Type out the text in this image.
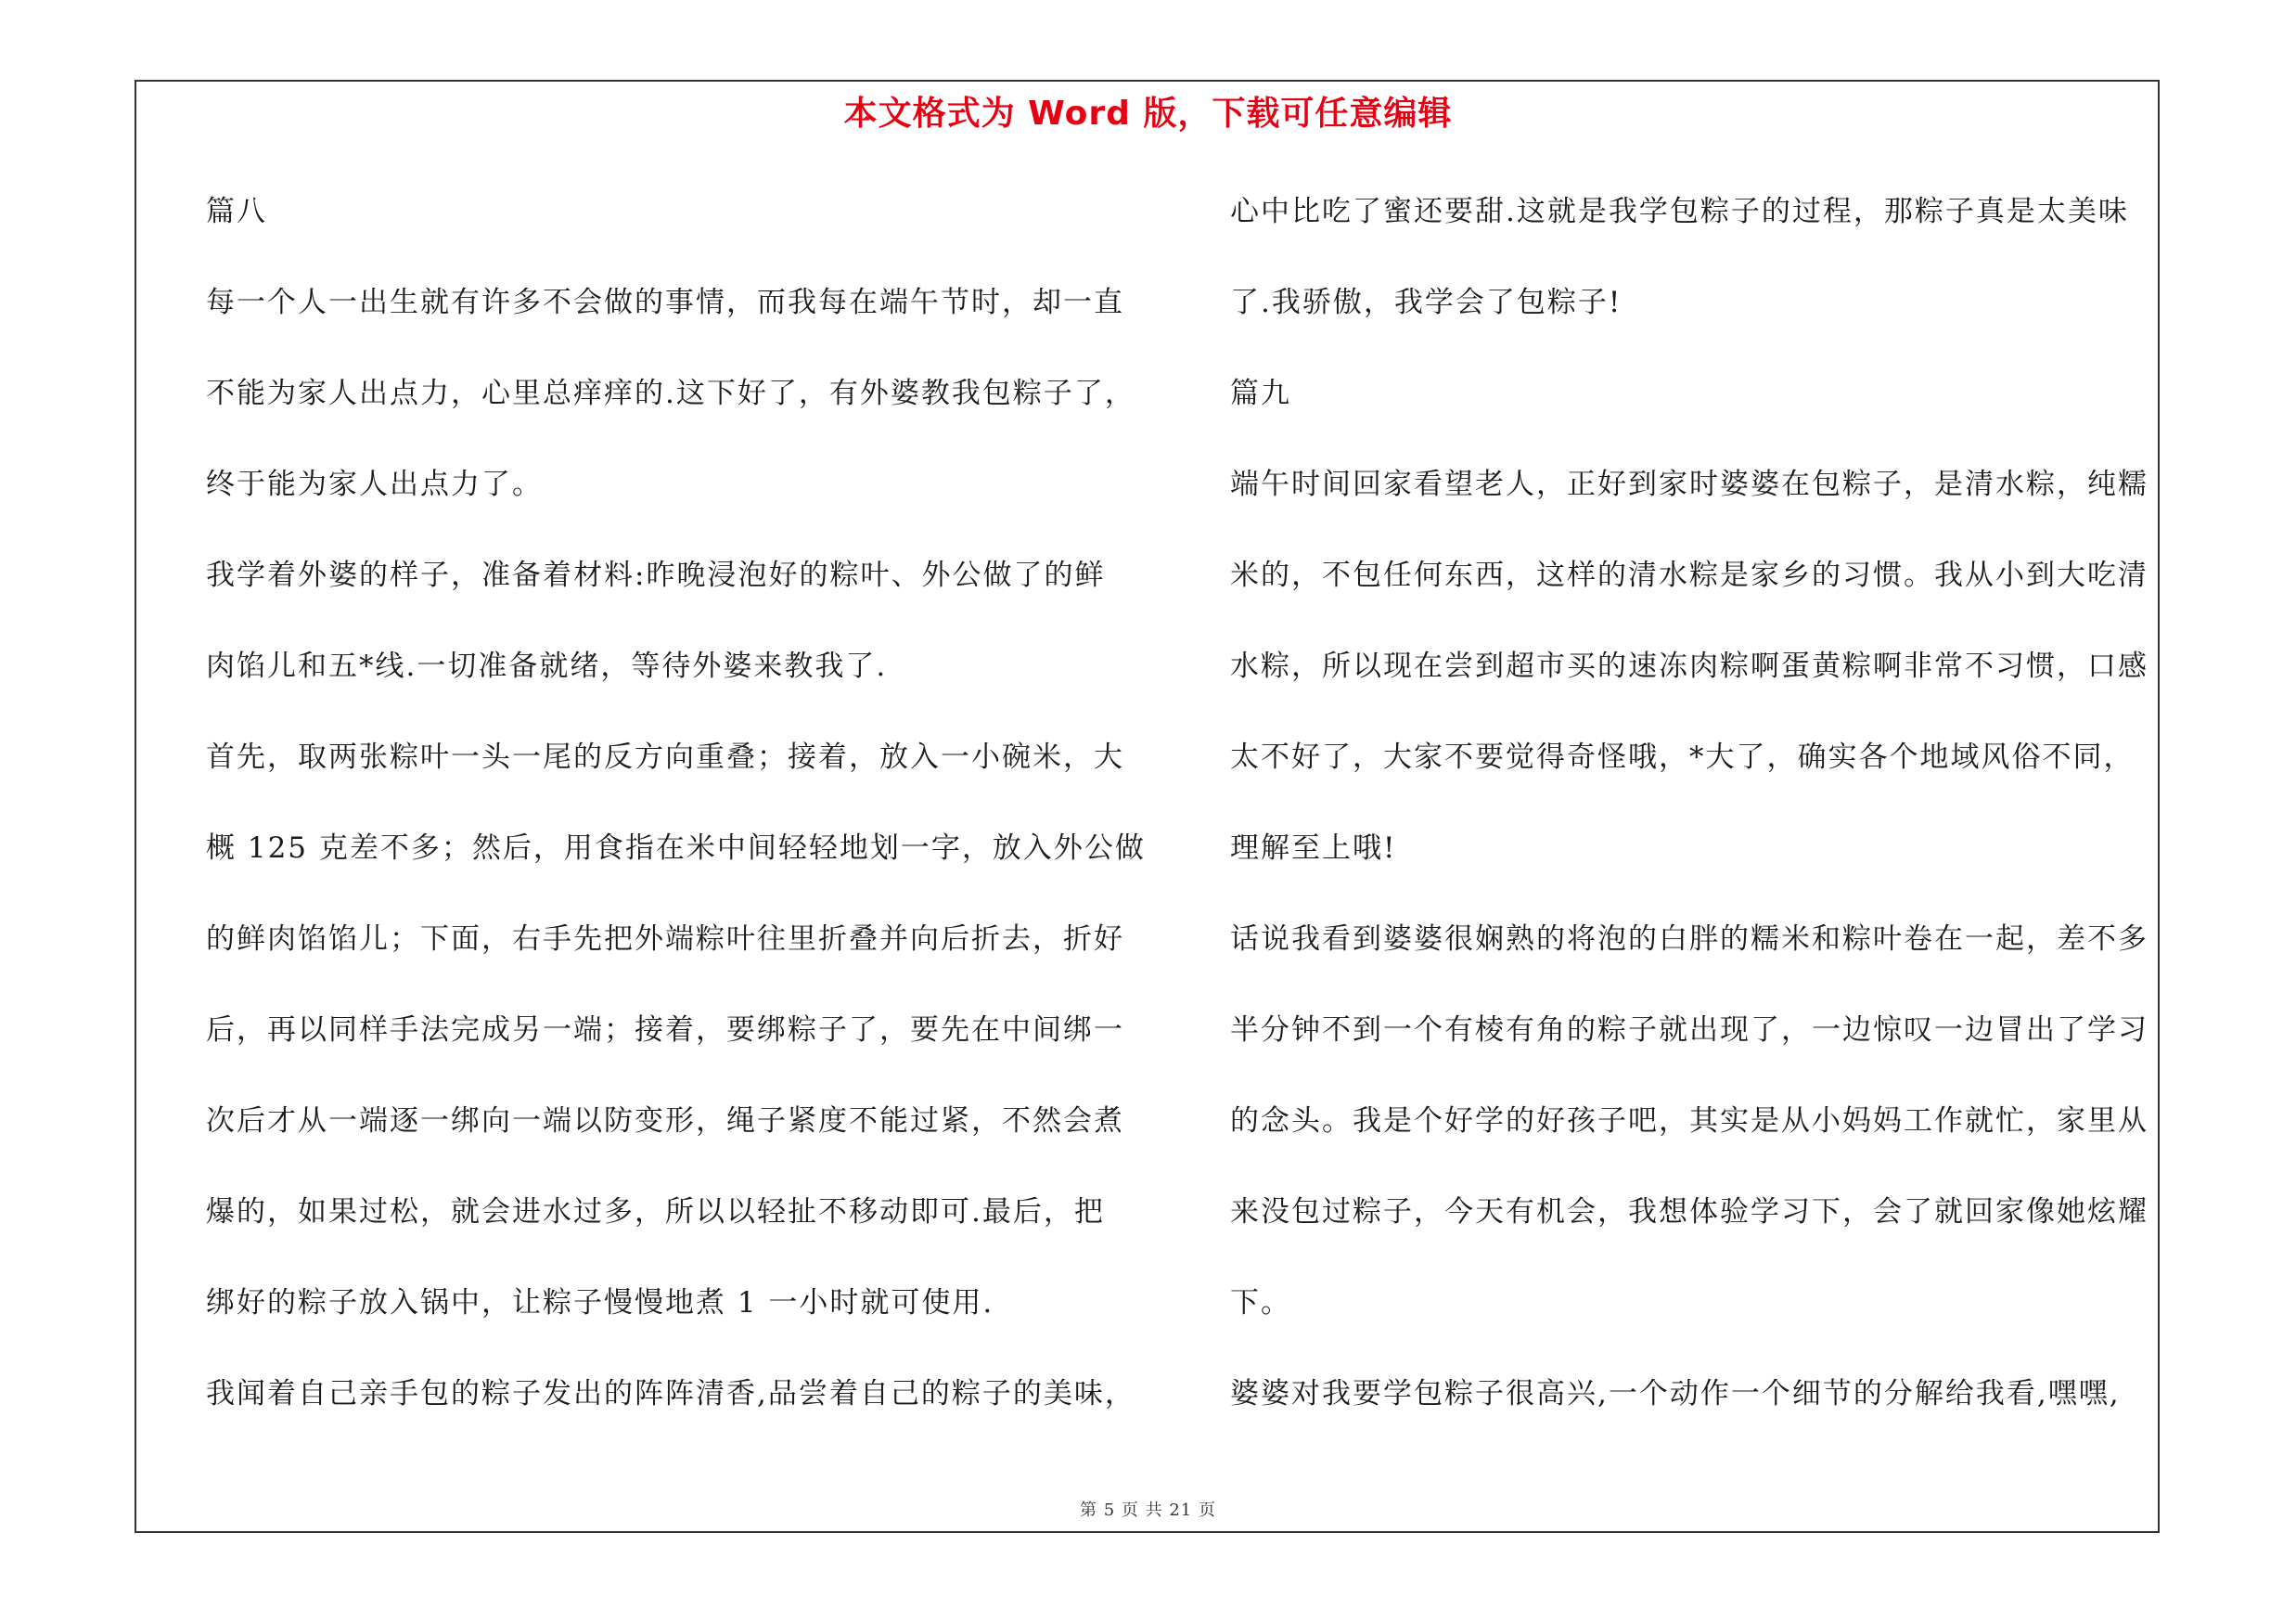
本文格式为 Word 版，下载可任意编辑
篇八
每一个人一出生就有许多不会做的事情，而我每在端午节时，却一直
不能为家人出点力，心里总痒痒的.这下好了，有外婆教我包粽子了，
终于能为家人出点力了。
我学着外婆的样子，准备着材料:昨晚浸泡好的粽叶、外公做了的鲜
肉馅儿和五*线.一切准备就绪，等待外婆来教我了.
首先，取两张粽叶一头一尾的反方向重叠；接着，放入一小碗米，大
概 125 克差不多；然后，用食指在米中间轻轻地划一字，放入外公做
的鲜肉馅馅儿；下面，右手先把外端粽叶往里折叠并向后折去，折好
后，再以同样手法完成另一端；接着，要绑粽子了，要先在中间绑一
次后才从一端逐一绑向一端以防变形，绳子紧度不能过紧，不然会煮
爆的，如果过松，就会进水过多，所以以轻扯不移动即可.最后，把
绑好的粽子放入锅中，让粽子慢慢地煮 1 一小时就可使用.
我闻着自己亲手包的粽子发出的阵阵清香,品尝着自己的粽子的美味，
心中比吃了蜜还要甜.这就是我学包粽子的过程，那粽子真是太美味
了.我骄傲，我学会了包粽子!
篇九
端午时间回家看望老人，正好到家时婆婆在包粽子，是清水粽，纯糯
米的，不包任何东西，这样的清水粽是家乡的习惯。我从小到大吃清
水粽，所以现在尝到超市买的速冻肉粽啊蛋黄粽啊非常不习惯，口感
太不好了，大家不要觉得奇怪哦，*大了，确实各个地域风俗不同，
理解至上哦!
话说我看到婆婆很娴熟的将泡的白胖的糯米和粽叶卷在一起，差不多
半分钟不到一个有棱有角的粽子就出现了，一边惊叹一边冒出了学习
的念头。我是个好学的好孩子吧，其实是从小妈妈工作就忙，家里从
来没包过粽子，今天有机会，我想体验学习下，会了就回家像她炫耀
下。
婆婆对我要学包粽子很高兴,一个动作一个细节的分解给我看,嘿嘿,
第 5 页 共 21 页
